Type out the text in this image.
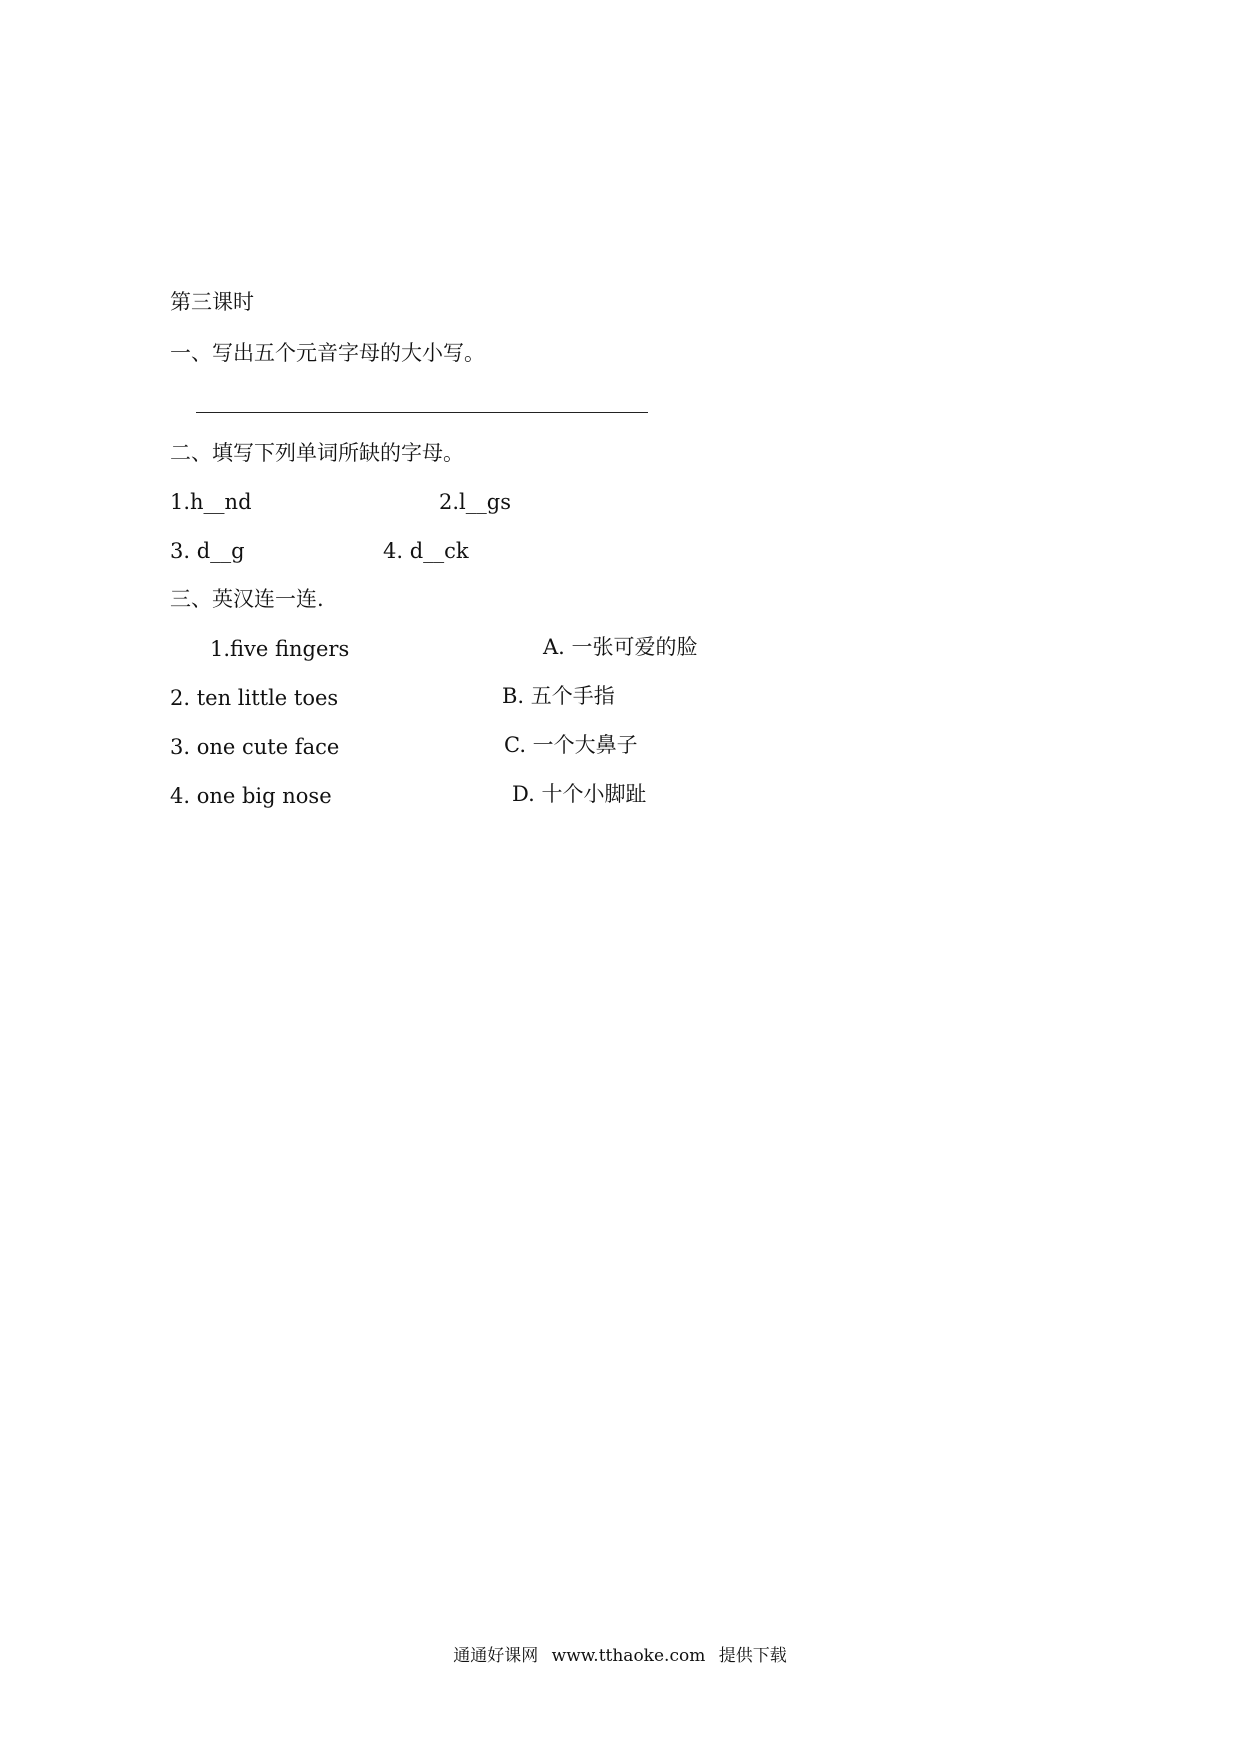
第三课时
一、写出五个元音字母的大小写。
二、填写下列单词所缺的字母。
1.h__nd	2.l__gs
3. d__g	4. d__ck
三、英汉连一连.
1.five fingers	A. 一张可爱的脸
2. ten little toes	B. 五个手指
3. one cute face	C. 一个大鼻子
4. one big nose	D. 十个小脚趾
通通好课网 www.tthaoke.com 提供下载
